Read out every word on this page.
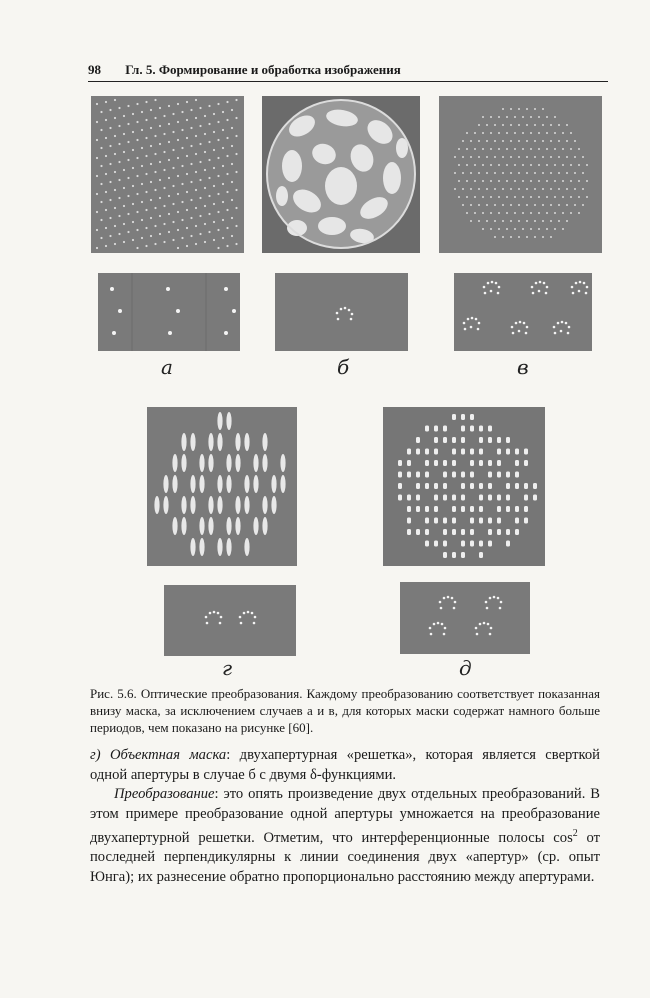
98 Гл. 5. Формирование и обработка изображения
а	б	в
г	д
Рис. 5.6. Оптические преобразования. Каждому преобразованию соответствует показанная внизу маска, за исключением случаев а и в, для которых маски содержат намного больше периодов, чем показано на рисунке [60].

г) Объектная маска: двухапертурная «решетка», которая является сверткой одной апертуры в случае б с двумя δ-функциями.

Преобразование: это опять произведение двух отдельных преобразований. В этом примере преобразование одной апертуры умножается на преобразование двухапертурной решетки. Отметим, что интерференционные полосы $\cos^2$ от последней перпендикулярны к линии соединения двух «апертур» (ср. опыт Юнга); их разнесение обратно пропорционально расстоянию между апертурами.
